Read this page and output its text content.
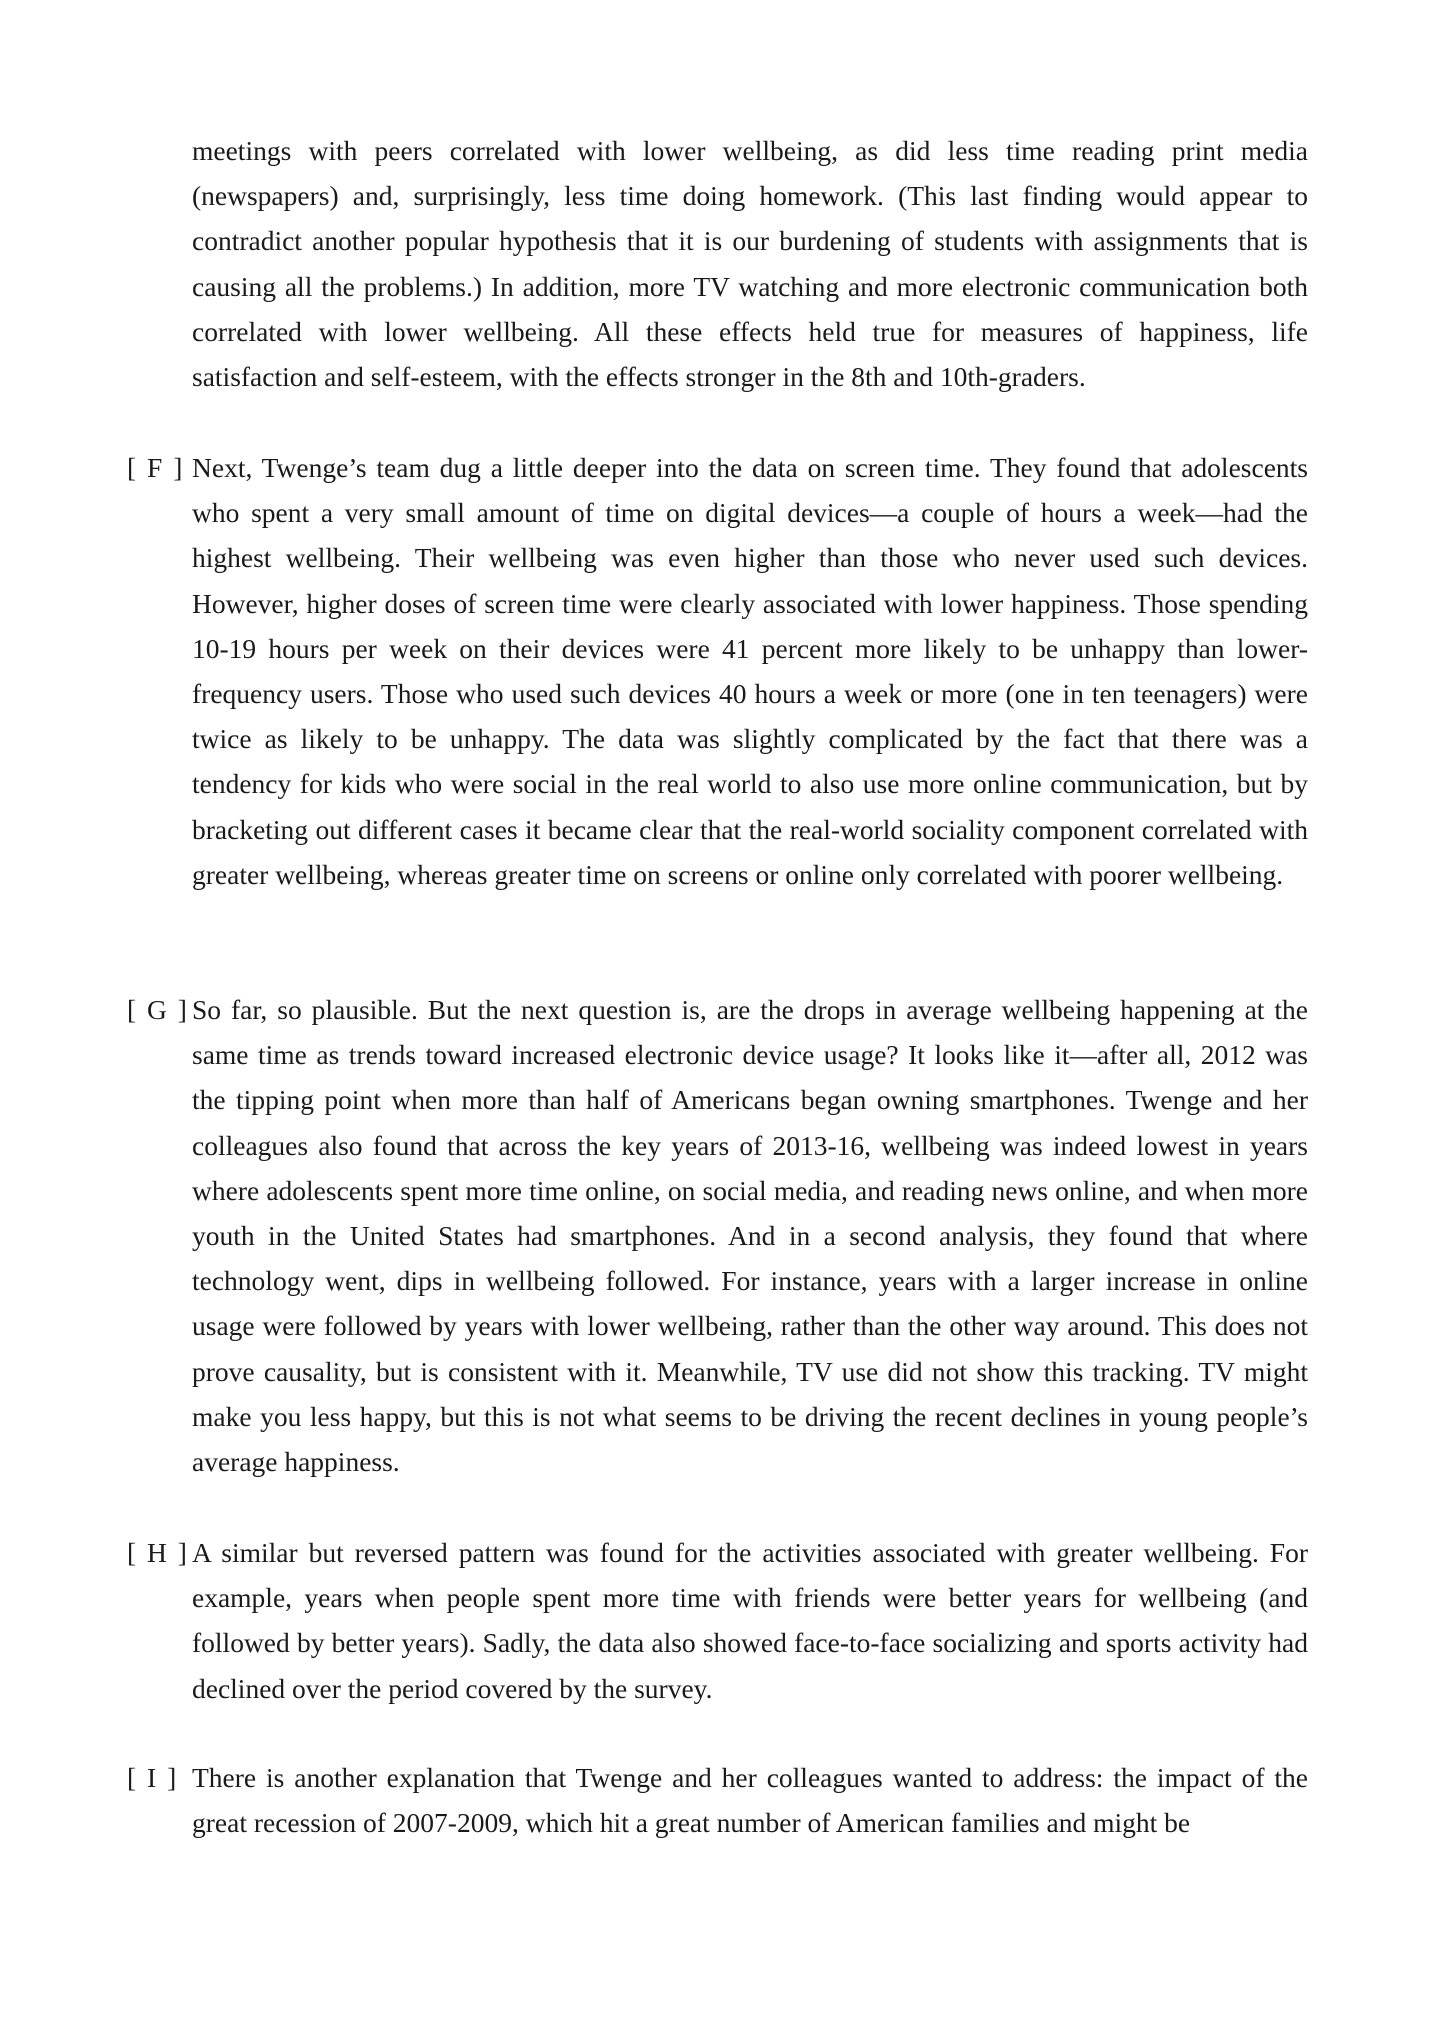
meetings with peers correlated with lower wellbeing, as did less time reading print media (newspapers) and, surprisingly, less time doing homework. (This last finding would appear to contradict another popular hypothesis that it is our burdening of students with assignments that is causing all the problems.) In addition, more TV watching and more electronic communication both correlated with lower wellbeing. All these effects held true for measures of happiness, life satisfaction and self-esteem, with the effects stronger in the 8th and 10th-graders.
[ F ] Next, Twenge’s team dug a little deeper into the data on screen time. They found that adolescents who spent a very small amount of time on digital devices—a couple of hours a week—had the highest wellbeing. Their wellbeing was even higher than those who never used such devices. However, higher doses of screen time were clearly associated with lower happiness. Those spending 10-19 hours per week on their devices were 41 percent more likely to be unhappy than lower-frequency users. Those who used such devices 40 hours a week or more (one in ten teenagers) were twice as likely to be unhappy. The data was slightly complicated by the fact that there was a tendency for kids who were social in the real world to also use more online communication, but by bracketing out different cases it became clear that the real-world sociality component correlated with greater wellbeing, whereas greater time on screens or online only correlated with poorer wellbeing.
[ G ] So far, so plausible. But the next question is, are the drops in average wellbeing happening at the same time as trends toward increased electronic device usage? It looks like it—after all, 2012 was the tipping point when more than half of Americans began owning smartphones. Twenge and her colleagues also found that across the key years of 2013-16, wellbeing was indeed lowest in years where adolescents spent more time online, on social media, and reading news online, and when more youth in the United States had smartphones. And in a second analysis, they found that where technology went, dips in wellbeing followed. For instance, years with a larger increase in online usage were followed by years with lower wellbeing, rather than the other way around. This does not prove causality, but is consistent with it. Meanwhile, TV use did not show this tracking. TV might make you less happy, but this is not what seems to be driving the recent declines in young people’s average happiness.
[ H ] A similar but reversed pattern was found for the activities associated with greater wellbeing. For example, years when people spent more time with friends were better years for wellbeing (and followed by better years). Sadly, the data also showed face-to-face socializing and sports activity had declined over the period covered by the survey.
[ I ] There is another explanation that Twenge and her colleagues wanted to address: the impact of the great recession of 2007-2009, which hit a great number of American families and might be
